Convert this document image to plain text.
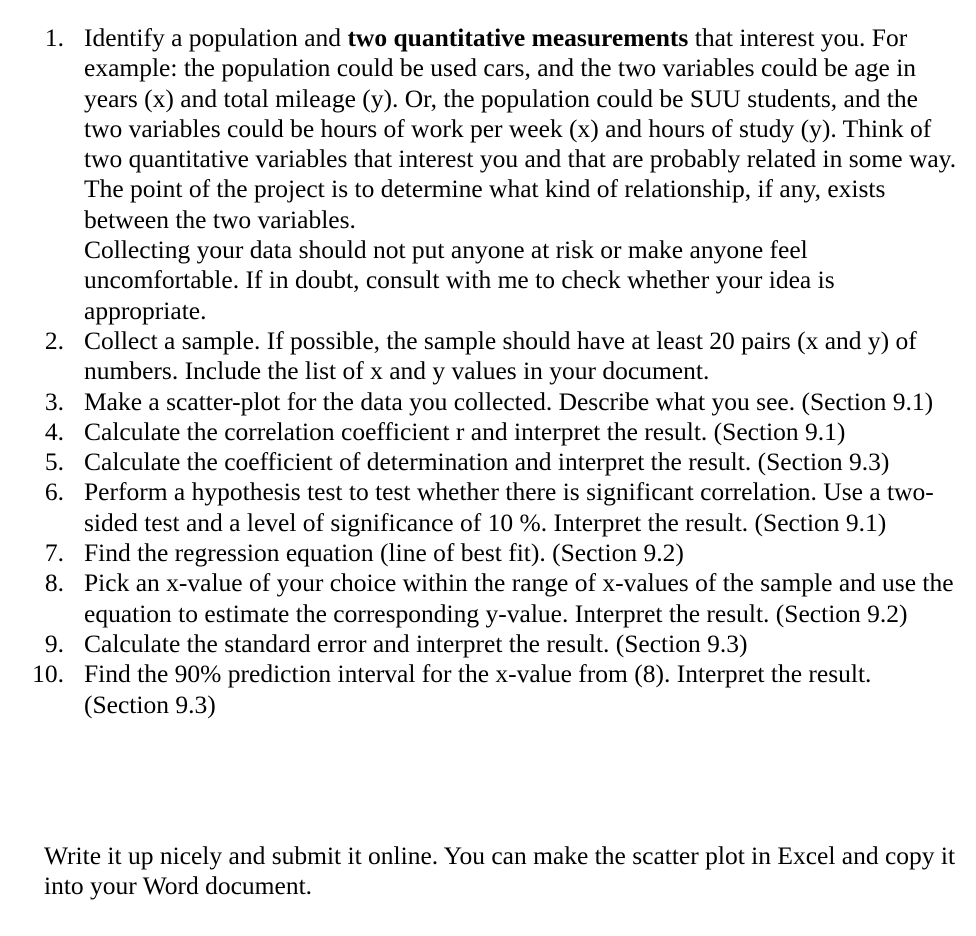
1. Identify a population and two quantitative measurements that interest you. For example: the population could be used cars, and the two variables could be age in years (x) and total mileage (y). Or, the population could be SUU students, and the two variables could be hours of work per week (x) and hours of study (y). Think of two quantitative variables that interest you and that are probably related in some way. The point of the project is to determine what kind of relationship, if any, exists between the two variables.
Collecting your data should not put anyone at risk or make anyone feel uncomfortable. If in doubt, consult with me to check whether your idea is appropriate.
2. Collect a sample. If possible, the sample should have at least 20 pairs (x and y) of numbers. Include the list of x and y values in your document.
3. Make a scatter-plot for the data you collected. Describe what you see. (Section 9.1)
4. Calculate the correlation coefficient r and interpret the result. (Section 9.1)
5. Calculate the coefficient of determination and interpret the result. (Section 9.3)
6. Perform a hypothesis test to test whether there is significant correlation. Use a two-sided test and a level of significance of 10 %. Interpret the result. (Section 9.1)
7. Find the regression equation (line of best fit). (Section 9.2)
8. Pick an x-value of your choice within the range of x-values of the sample and use the equation to estimate the corresponding y-value. Interpret the result. (Section 9.2)
9. Calculate the standard error and interpret the result. (Section 9.3)
10. Find the 90% prediction interval for the x-value from (8). Interpret the result. (Section 9.3)

Write it up nicely and submit it online. You can make the scatter plot in Excel and copy it into your Word document.
